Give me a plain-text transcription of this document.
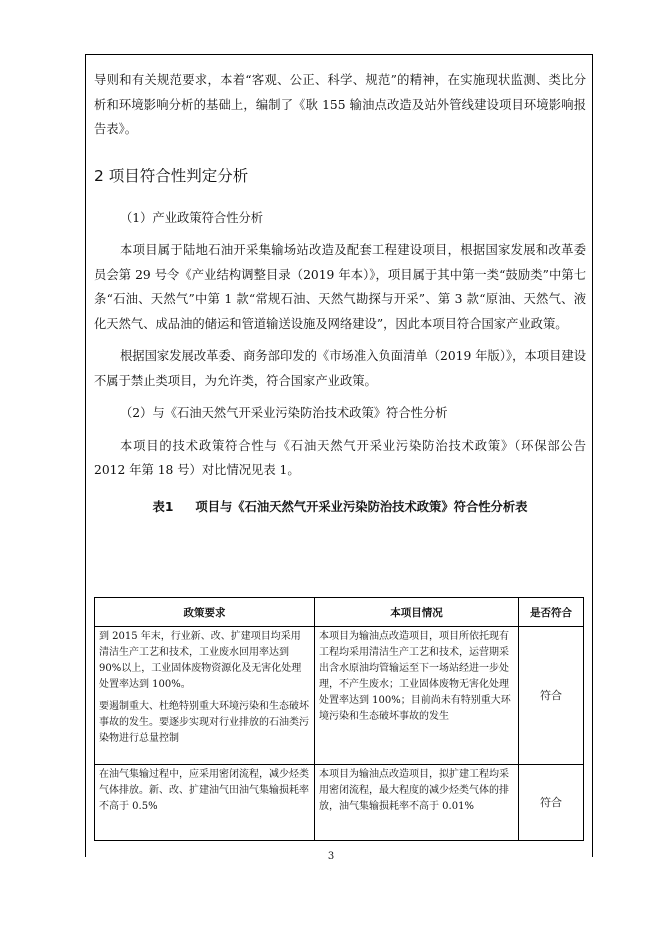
导则和有关规范要求，本着“客观、公正、科学、规范”的精神，在实施现状监测、类比分析和环境影响分析的基础上，编制了《耿 155 输油点改造及站外管线建设项目环境影响报告表》。

2 项目符合性判定分析

（1）产业政策符合性分析

本项目属于陆地石油开采集输场站改造及配套工程建设项目，根据国家发展和改革委员会第 29 号令《产业结构调整目录（2019 年本）》，项目属于其中第一类“鼓励类”中第七条“石油、天然气”中第 1 款“常规石油、天然气勘探与开采”、第 3 款“原油、天然气、液化天然气、成品油的储运和管道输送设施及网络建设”，因此本项目符合国家产业政策。

根据国家发展改革委、商务部印发的《市场准入负面清单（2019 年版）》，本项目建设不属于禁止类项目，为允许类，符合国家产业政策。

（2）与《石油天然气开采业污染防治技术政策》符合性分析

本项目的技术政策符合性与《石油天然气开采业污染防治技术政策》（环保部公告 2012 年第 18 号）对比情况见表 1。

表1 项目与《石油天然气开采业污染防治技术政策》符合性分析表
政策要求	本项目情况	是否符合

到 2015 年末，行业新、改、扩建项目均采用清洁生产工艺和技术，工业废水回用率达到 90%以上，工业固体废物资源化及无害化处理处置率达到 100%。

要遏制重大、杜绝特别重大环境污染和生态破坏事故的发生。要逐步实现对行业排放的石油类污染物进行总量控制	本项目为输油点改造项目，项目所依托现有工程均采用清洁生产工艺和技术，运营期采出含水原油均管输运至下一场站经进一步处理，不产生废水；工业固体废物无害化处理处置率达到 100%；目前尚未有特别重大环境污染和生态破坏事故的发生	符合
在油气集输过程中，应采用密闭流程，减少烃类气体排放。新、改、扩建油气田油气集输损耗率不高于 0.5%	本项目为输油点改造项目，拟扩建工程均采用密闭流程，最大程度的减少烃类气体的排放，油气集输损耗率不高于 0.01%	符合
3
